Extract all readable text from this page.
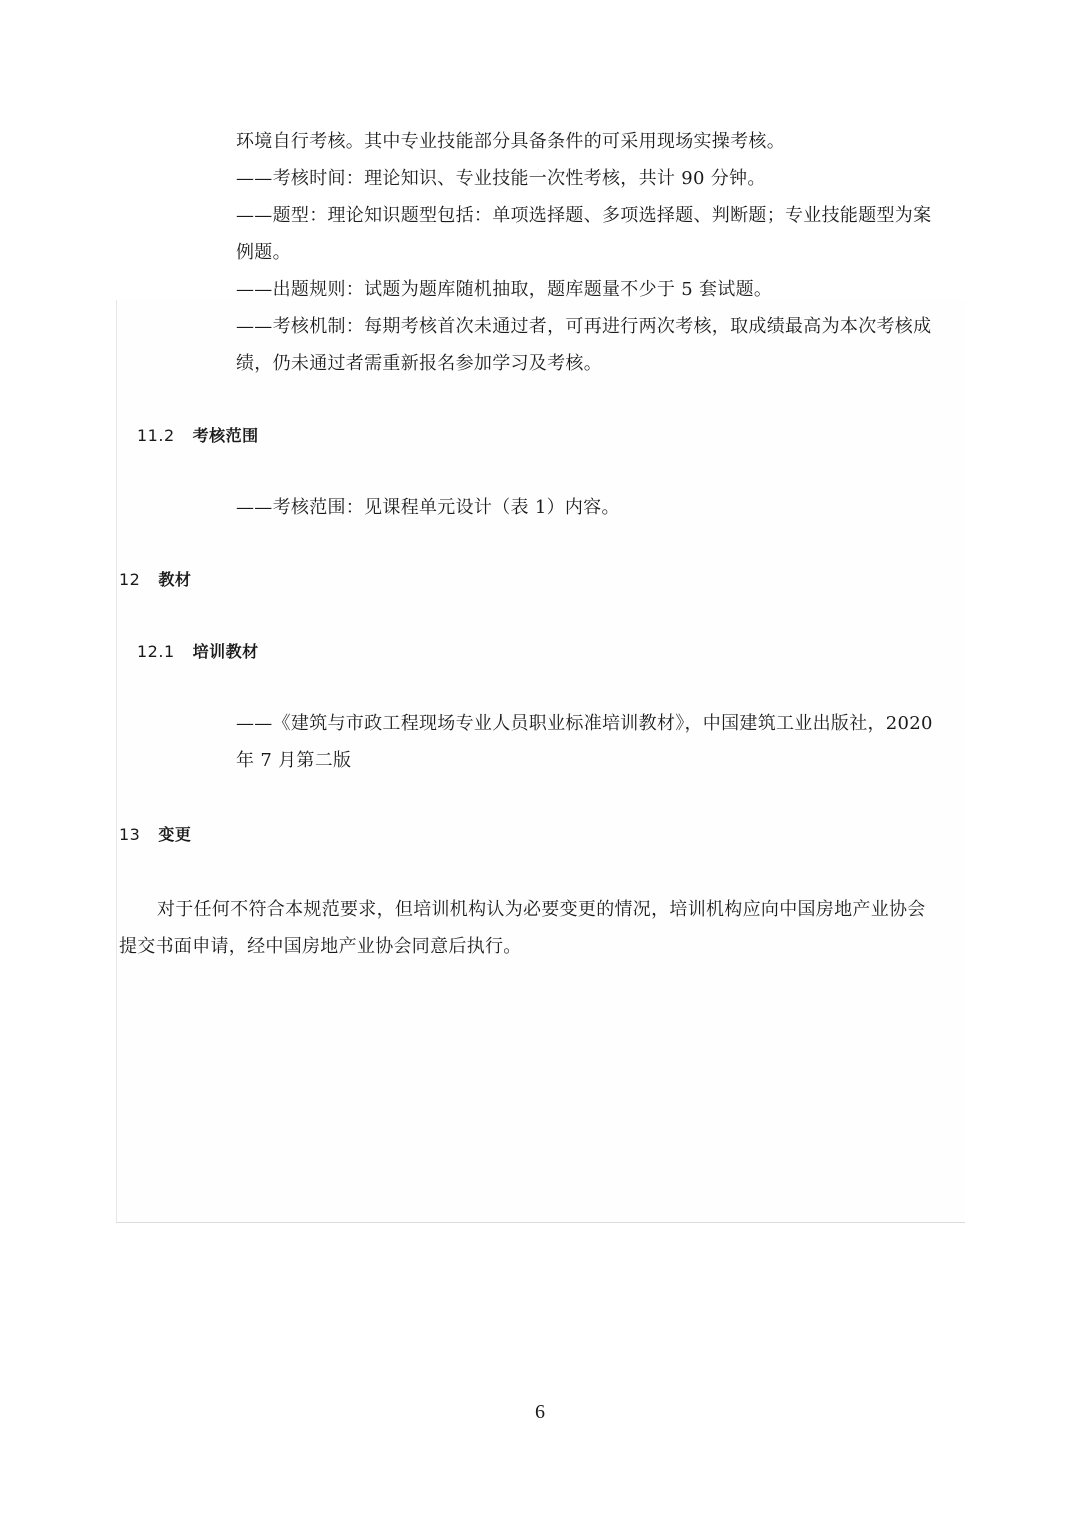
环境自行考核。其中专业技能部分具备条件的可采用现场实操考核。
——考核时间：理论知识、专业技能一次性考核，共计 90 分钟。
——题型：理论知识题型包括：单项选择题、多项选择题、判断题；专业技能题型为案
例题。
——出题规则：试题为题库随机抽取，题库题量不少于 5 套试题。
——考核机制：每期考核首次未通过者，可再进行两次考核，取成绩最高为本次考核成
绩，仍未通过者需重新报名参加学习及考核。
11.2 考核范围
——考核范围：见课程单元设计（表 1）内容。
12 教材
12.1 培训教材
——《建筑与市政工程现场专业人员职业标准培训教材》，中国建筑工业出版社，2020
年 7 月第二版
13 变更
对于任何不符合本规范要求，但培训机构认为必要变更的情况，培训机构应向中国房地产业协会
提交书面申请，经中国房地产业协会同意后执行。
6
